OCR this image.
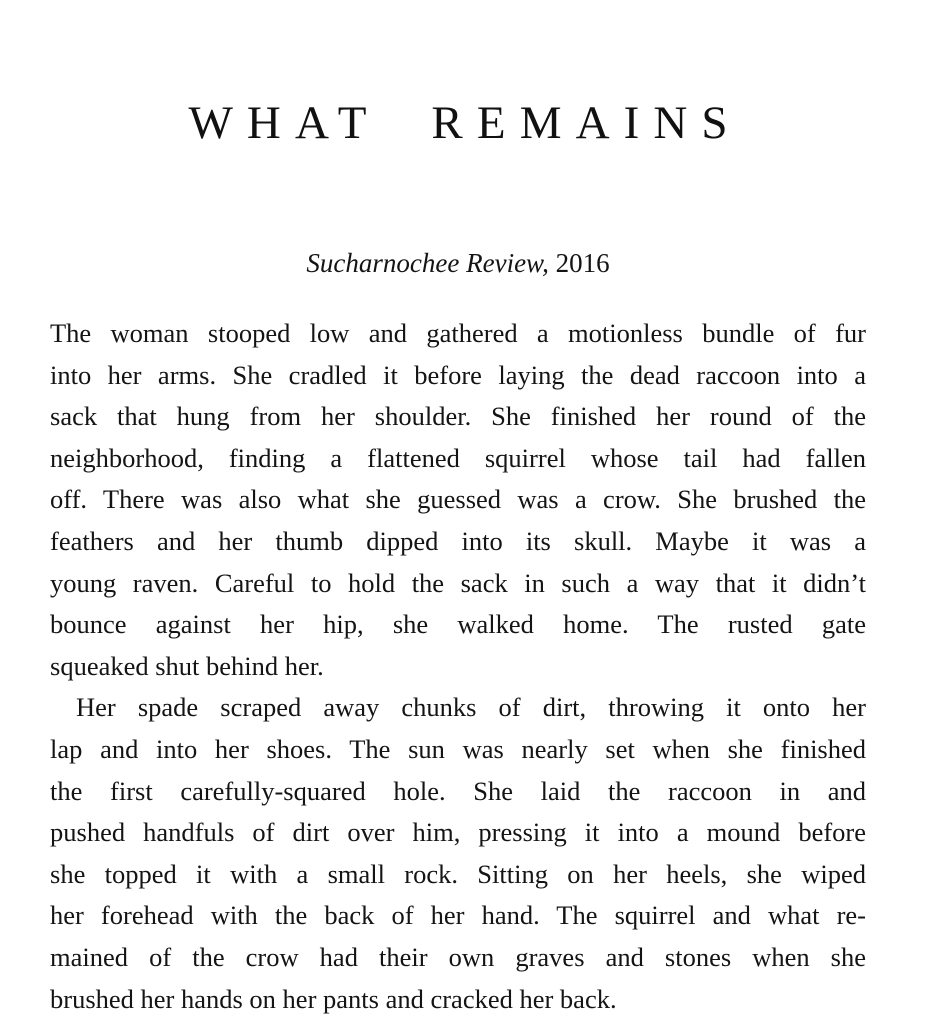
WHAT REMAINS
Sucharnochee Review, 2016
The woman stooped low and gathered a motionless bundle of fur
into her arms. She cradled it before laying the dead raccoon into a
sack that hung from her shoulder. She finished her round of the
neighborhood, finding a flattened squirrel whose tail had fallen
off. There was also what she guessed was a crow. She brushed the
feathers and her thumb dipped into its skull. Maybe it was a
young raven. Careful to hold the sack in such a way that it didn’t
bounce against her hip, she walked home. The rusted gate
squeaked shut behind her.
Her spade scraped away chunks of dirt, throwing it onto her
lap and into her shoes. The sun was nearly set when she finished
the first carefully-squared hole. She laid the raccoon in and
pushed handfuls of dirt over him, pressing it into a mound before
she topped it with a small rock. Sitting on her heels, she wiped
her forehead with the back of her hand. The squirrel and what re-
mained of the crow had their own graves and stones when she
brushed her hands on her pants and cracked her back.
